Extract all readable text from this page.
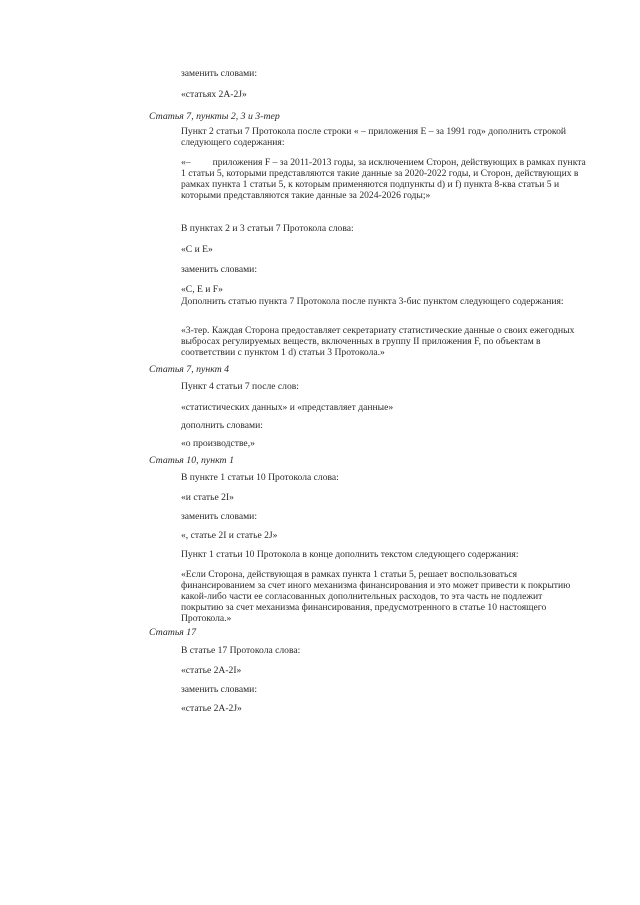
заменить словами:

«статьях 2А-2J»

Статья 7, пункты 2, 3 и 3-тер

Пункт 2 статьи 7 Протокола после строки « – приложения Е – за 1991 год» дополнить строкой следующего содержания:

«– приложения F – за 2011-2013 годы, за исключением Сторон, действующих в рамках пункта 1 статьи 5, которыми представляются такие данные за 2020-2022 годы, и Сторон, действующих в рамках пункта 1 статьи 5, к которым применяются подпункты d) и f) пункта 8-ква статьи 5 и которыми представляются такие данные за 2024-2026 годы;»

В пунктах 2 и 3 статьи 7 Протокола слова:

«С и Е»

заменить словами:

«С, Е и F»

Дополнить статью пункта 7 Протокола после пункта 3-бис пунктом следующего содержания:

«3-тер. Каждая Сторона предоставляет секретариату статистические данные о своих ежегодных выбросах регулируемых веществ, включенных в группу II приложения F, по объектам в соответствии с пунктом 1 d) статьи 3 Протокола.»

Статья 7, пункт 4

Пункт 4 статьи 7 после слов:

«статистических данных» и «представляет данные»

дополнить словами:

«о производстве,»

Статья 10, пункт 1

В пункте 1 статьи 10 Протокола слова:

«и статье 2I»

заменить словами:

«, статье 2I и статье 2J»

Пункт 1 статьи 10 Протокола в конце дополнить текстом следующего содержания:

«Если Сторона, действующая в рамках пункта 1 статьи 5, решает воспользоваться финансированием за счет иного механизма финансирования и это может привести к покрытию какой-либо части ее согласованных дополнительных расходов, то эта часть не подлежит покрытию за счет механизма финансирования, предусмотренного в статье 10 настоящего Протокола.»

Статья 17

В статье 17 Протокола слова:

«статье 2А-2I»

заменить словами:

«статье 2А-2J»
